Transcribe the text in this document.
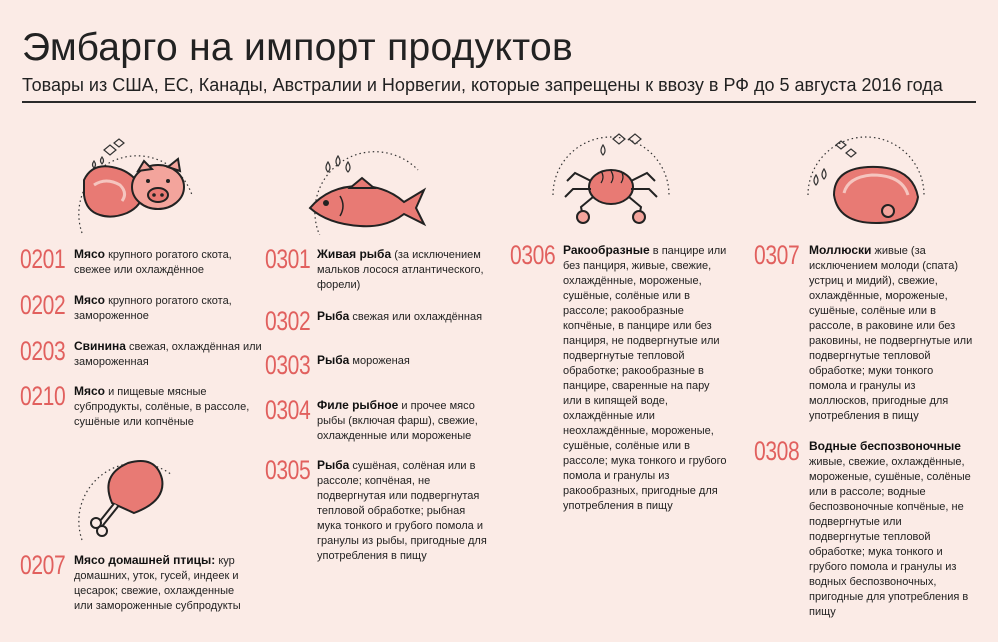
Эмбарго на импорт продуктов
Товары из США, ЕС, Канады, Австралии и Норвегии, которые запрещены к ввозу в РФ до 5 августа 2016 года
0201 Мясо крупного рогатого скота, свежее или охлаждённое
0202 Мясо крупного рогатого скота, замороженное
0203 Свинина свежая, охлаждённая или замороженная
0210 Мясо и пищевые мясные субпродукты, солёные, в рассоле, сушёные или копчёные
0207 Мясо домашней птицы: кур домашних, уток, гусей, индеек и цесарок; свежие, охлажденные или замороженные субпродукты
0301 Живая рыба (за исключением мальков лосося атлантического, форели)
0302 Рыба свежая или охлаждённая
0303 Рыба мороженая
0304 Филе рыбное и прочее мясо рыбы (включая фарш), свежие, охлажденные или мороженые
0305 Рыба сушёная, солёная или в рассоле; копчёная, не подвергнутая или подвергнутая тепловой обработке; рыбная мука тонкого и грубого помола и гранулы из рыбы, пригодные для употребления в пищу
0306 Ракообразные в панцире или без панциря, живые, свежие, охлаждённые, мороженые, сушёные, солёные или в рассоле; ракообразные копчёные, в панцире или без панциря, не подвергнутые или подвергнутые тепловой обработке; ракообразные в панцире, сваренные на пару или в кипящей воде, охлаждённые или неохлаждённые, мороженые, сушёные, солёные или в рассоле; мука тонкого и грубого помола и гранулы из ракообразных, пригодные для употребления в пищу
0307 Моллюски живые (за исключением молоди (спата) устриц и мидий), свежие, охлаждённые, мороженые, сушёные, солёные или в рассоле, в раковине или без раковины, не подвергнутые или подвергнутые тепловой обработке; муки тонкого помола и гранулы из моллюсков, пригодные для употребления в пищу
0308 Водные беспозвоночные живые, свежие, охлаждённые, мороженые, сушёные, солёные или в рассоле; водные беспозвоночные копчёные, не подвергнутые или подвергнутые тепловой обработке; мука тонкого и грубого помола и гранулы из водных беспозвоночных, пригодные для употребления в пищу
